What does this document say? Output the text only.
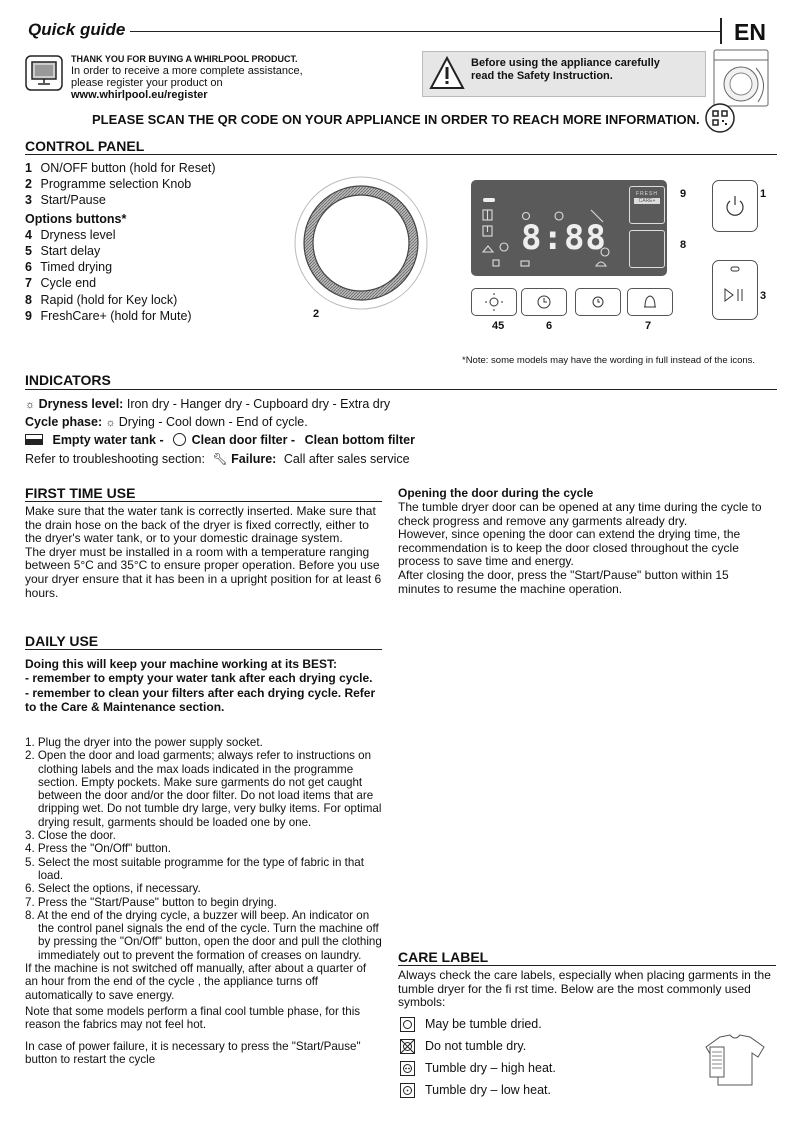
Quick guide	EN
THANK YOU FOR BUYING A WHIRLPOOL PRODUCT.
In order to receive a more complete assistance,
please register your product on
www.whirlpool.eu/register
Before using the appliance carefully
read the Safety Instruction.
PLEASE SCAN THE QR CODE ON YOUR APPLIANCE IN ORDER TO REACH MORE INFORMATION.
CONTROL PANEL
1 ON/OFF button (hold for Reset)
2 Programme selection Knob
3 Start/Pause
Options buttons*
4 Dryness level
5 Start delay
6 Timed drying
7 Cycle end
8 Rapid (hold for Key lock)
9 FreshCare+ (hold for Mute)	2
8:88
FRESH
CARE+
9
8
45	6	7
1
3
*Note: some models may have the wording in full instead of the icons.
INDICATORS
☼ Dryness level: Iron dry - Hanger dry - Cupboard dry - Extra dry
Cycle phase: ☼ Drying - Cool down - End of cycle.
Empty water tank - Clean door filter - Clean bottom filter
Refer to troubleshooting section: 🔧︎ Failure: Call after sales service
FIRST TIME USE
Make sure that the water tank is correctly inserted. Make sure that the drain hose on the back of the dryer is fixed correctly, either to the dryer's water tank, or to your domestic drainage system.
The dryer must be installed in a room with a temperature ranging between 5°C and 35°C to ensure proper operation. Before you use your dryer ensure that it has been in a upright position for at least 6 hours.
Opening the door during the cycle
The tumble dryer door can be opened at any time during the cycle to check progress and remove any garments already dry.
However, since opening the door can extend the drying time, the recommendation is to keep the door closed throughout the cycle process to save time and energy.
After closing the door, press the "Start/Pause" button within 15 minutes to resume the machine operation.
DAILY USE
Doing this will keep your machine working at its BEST:
- remember to empty your water tank after each drying cycle.
- remember to clean your filters after each drying cycle. Refer to the Care & Maintenance section.
1. Plug the dryer into the power supply socket.
2. Open the door and load garments; always refer to instructions on clothing labels and the max loads indicated in the programme section. Empty pockets. Make sure garments do not get caught between the door and/or the door filter. Do not load items that are dripping wet. Do not tumble dry large, very bulky items. For optimal drying result, garments should be loaded one by one.
3. Close the door.
4. Press the "On/Off" button.
5. Select the most suitable programme for the type of fabric in that load.
6. Select the options, if necessary.
7. Press the "Start/Pause" button to begin drying.
8. At the end of the drying cycle, a buzzer will beep. An indicator on the control panel signals the end of the cycle. Turn the machine off by pressing the "On/Off" button, open the door and pull the clothing immediately out to prevent the formation of creases on laundry.
If the machine is not switched off manually, after about a quarter of an hour from the end of the cycle , the appliance turns off automatically to save energy.
Note that some models perform a final cool tumble phase, for this reason the fabrics may not feel hot.
In case of power failure, it is necessary to press the "Start/Pause" button to restart the cycle
CARE LABEL
Always check the care labels, especially when placing garments in the tumble dryer for the fi rst time. Below are the most commonly used symbols:
May be tumble dried.
Do not tumble dry.
Tumble dry – high heat.
Tumble dry – low heat.
